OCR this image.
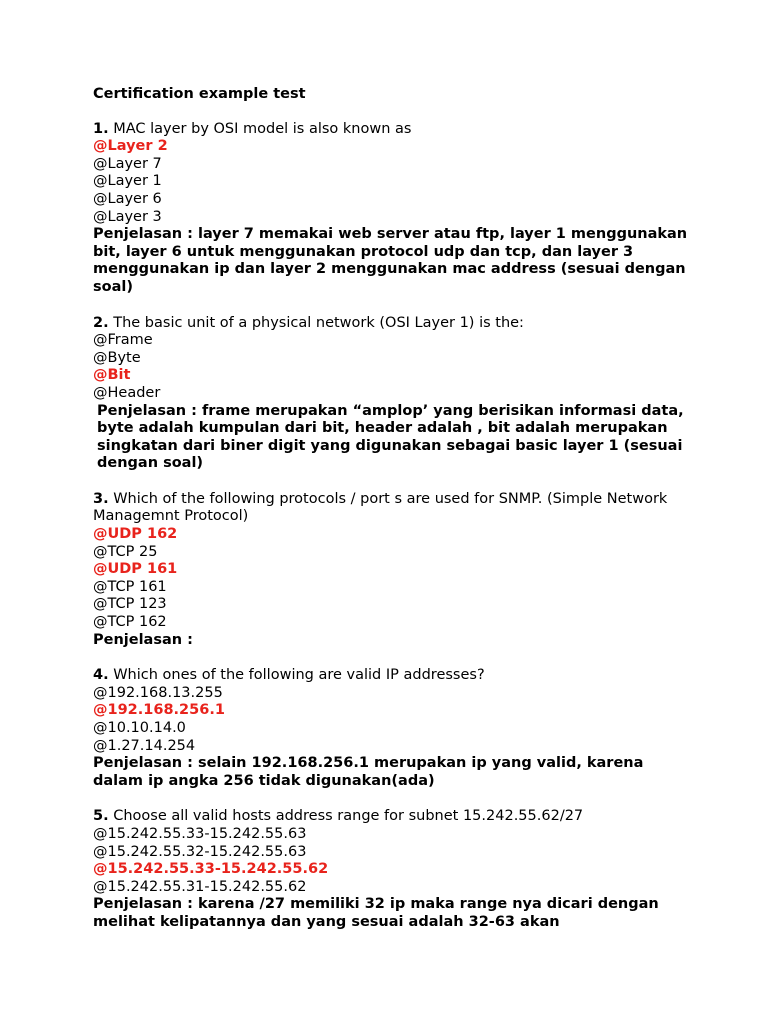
Certification example test
1. MAC layer by OSI model is also known as
@Layer 2
@Layer 7
@Layer 1
@Layer 6
@Layer 3
Penjelasan : layer 7 memakai web server atau ftp, layer 1 menggunakan bit, layer 6 untuk menggunakan protocol udp dan tcp, dan layer 3 menggunakan ip dan layer 2 menggunakan mac address (sesuai dengan soal)
2. The basic unit of a physical network (OSI Layer 1) is the:
@Frame
@Byte
@Bit
@Header
Penjelasan : frame merupakan “amplop’ yang berisikan informasi data, byte adalah kumpulan dari bit, header adalah , bit adalah merupakan singkatan dari biner digit yang digunakan sebagai basic layer 1 (sesuai dengan soal)
3. Which of the following protocols / port s are used for SNMP. (Simple Network Managemnt Protocol)
@UDP 162
@TCP 25
@UDP 161
@TCP 161
@TCP 123
@TCP 162
Penjelasan :
4. Which ones of the following are valid IP addresses?
@192.168.13.255
@192.168.256.1
@10.10.14.0
@1.27.14.254
Penjelasan : selain 192.168.256.1 merupakan ip yang valid, karena dalam ip angka 256 tidak digunakan(ada)
5. Choose all valid hosts address range for subnet 15.242.55.62/27
@15.242.55.33-15.242.55.63
@15.242.55.32-15.242.55.63
@15.242.55.33-15.242.55.62
@15.242.55.31-15.242.55.62
Penjelasan : karena /27 memiliki 32 ip maka range nya dicari dengan melihat kelipatannya dan yang sesuai adalah 32-63 akan
